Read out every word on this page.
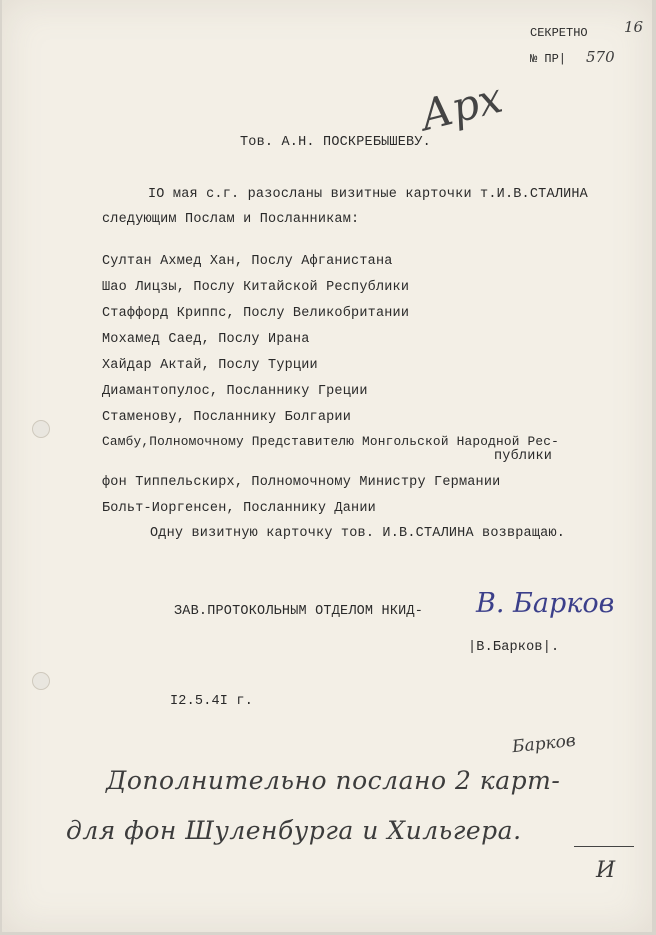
СЕКРЕТНО
№ ПР| 570
16
Арх
Тов. А.Н. ПОСКРЕБЫШЕВУ.
IO мая с.г. разосланы визитные карточки т.И.В.СТАЛИНА
следующим Послам и Посланникам:
Султан Ахмед Хан, Послу Афганистана
Шао Лицзы, Послу Китайской Республики
Стаффорд Криппс, Послу Великобритании
Мохамед Саед, Послу Ирана
Хайдар Актай, Послу Турции
Диамантопулос, Посланнику Греции
Стаменову, Посланнику Болгарии
Самбу,Полномочному Представителю Монгольской Народной Рес-
публики
фон Типпельскирх, Полномочному Министру Германии
Больт-Иоргенсен, Посланнику Дании
Одну визитную карточку тов. И.В.СТАЛИНА возвращаю.
ЗАВ.ПРОТОКОЛЬНЫМ ОТДЕЛОМ НКИД- В. Барков
|В.Барков|.
I2.5.4I г.
Барков
Дополнительно послано 2 карт-
для фон Шуленбурга и Хильгера.
И
